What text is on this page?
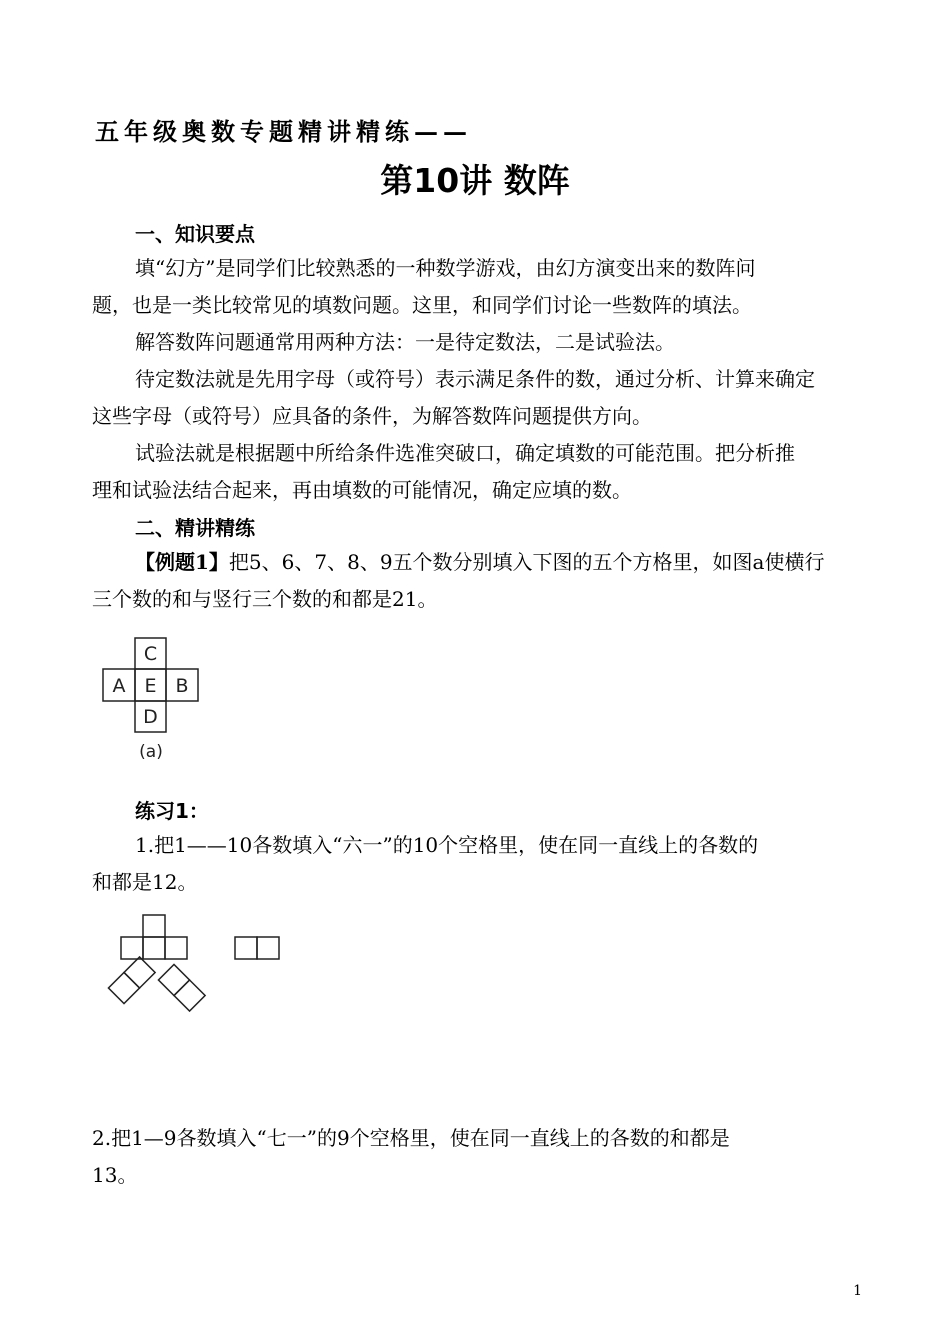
五年级奥数专题精讲精练——
第10讲 数阵
一、知识要点
填“幻方”是同学们比较熟悉的一种数学游戏，由幻方演变出来的数阵问
题，也是一类比较常见的填数问题。这里，和同学们讨论一些数阵的填法。
解答数阵问题通常用两种方法：一是待定数法，二是试验法。
待定数法就是先用字母（或符号）表示满足条件的数，通过分析、计算来确定
这些字母（或符号）应具备的条件，为解答数阵问题提供方向。
试验法就是根据题中所给条件选准突破口，确定填数的可能范围。把分析推
理和试验法结合起来，再由填数的可能情况，确定应填的数。
二、精讲精练
【例题1】把5、6、7、8、9五个数分别填入下图的五个方格里，如图a使横行
三个数的和与竖行三个数的和都是21。
C
A E B
D
(a)
练习1：
1.把1——10各数填入“六一”的10个空格里，使在同一直线上的各数的
和都是12。
2.把1—9各数填入“七一”的9个空格里，使在同一直线上的各数的和都是
13。
1
